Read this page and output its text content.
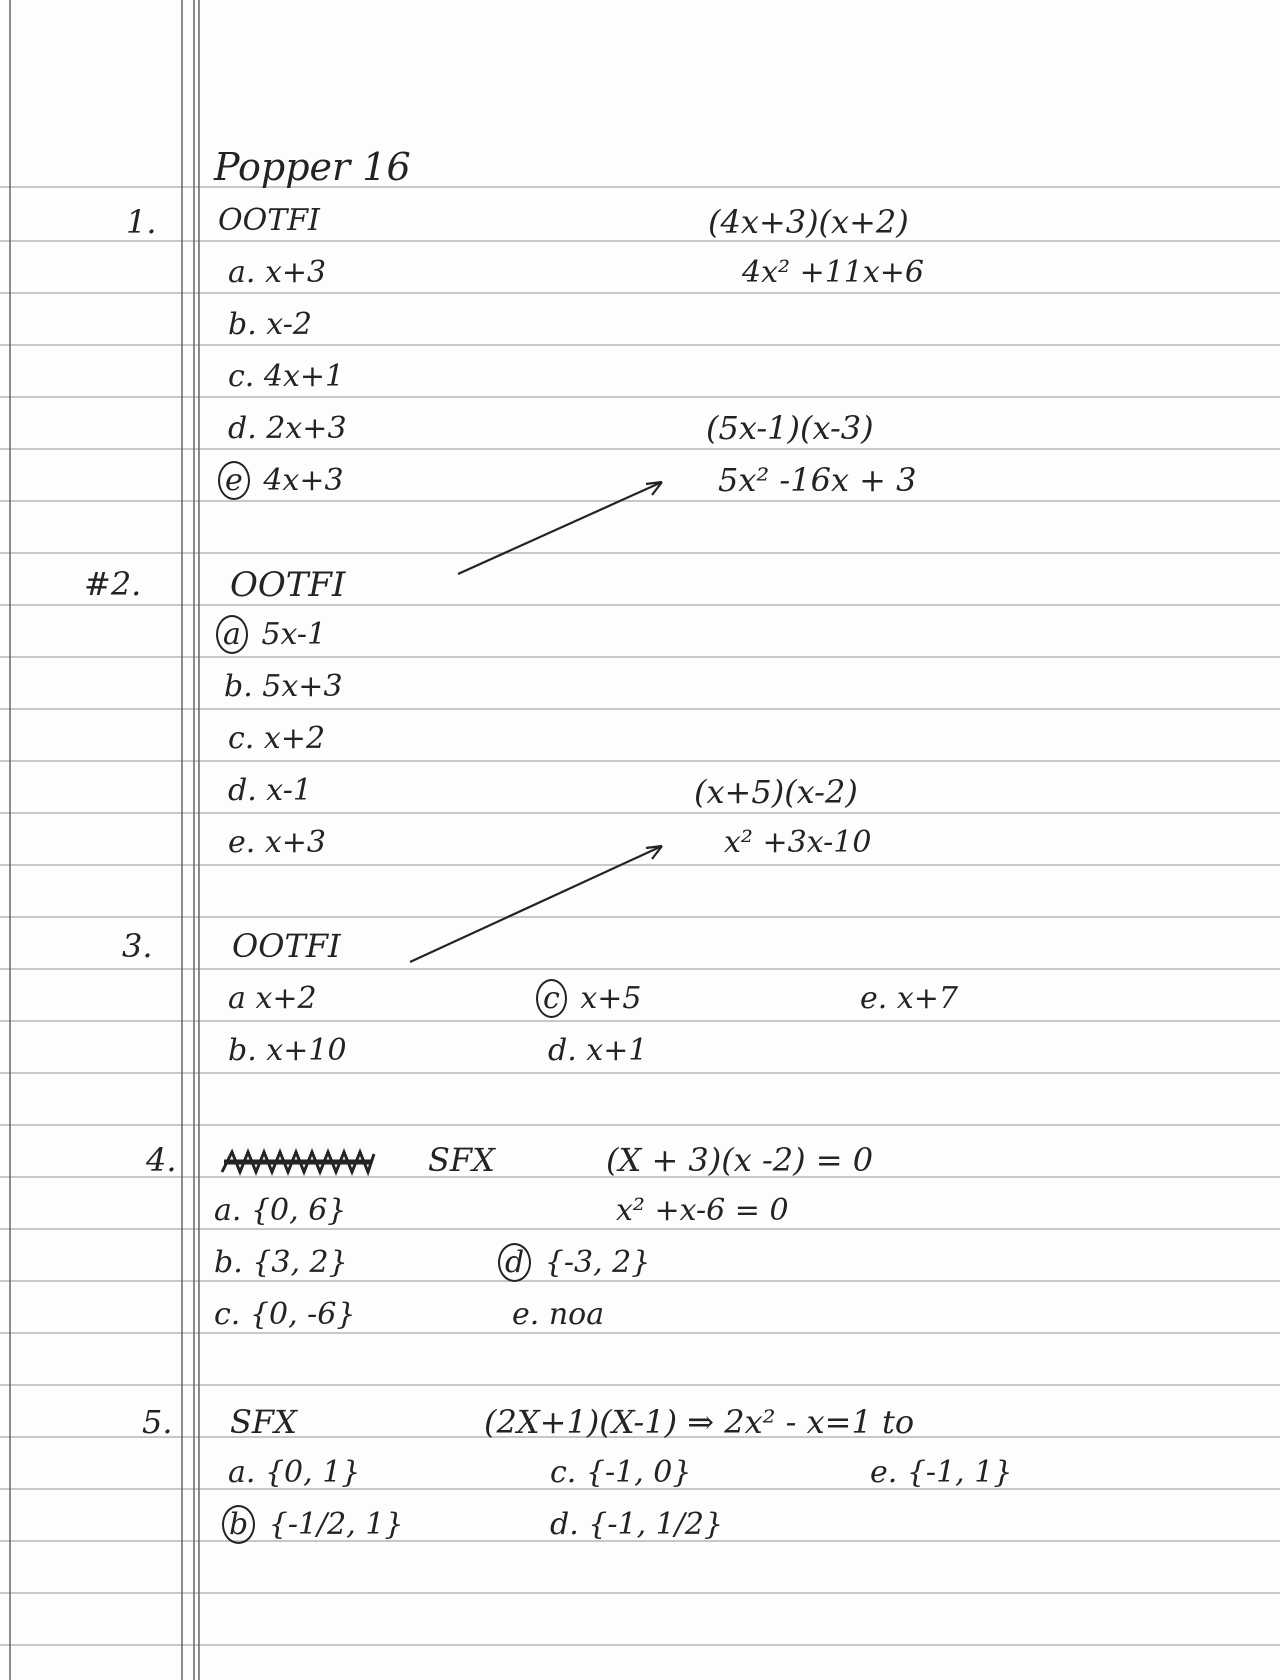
Popper 16
1. OOTFI
a. x+3
b. x-2
c. 4x+1
d. 2x+3
e 4x+3
(4x+3)(x+2)
4x² +11x+6
#2.	OOTFI
a 5x-1
b. 5x+3
c. x+2
d. x-1
e. x+3
(5x-1)(x-3)
5x² -16x + 3
3. OOTFI
a x+2
b. x+10
c x+5
d. x+1
e. x+7
(x+5)(x-2)
x² +3x-10
4.	SFX
a. {0, 6}
b. {3, 2}
c. {0, -6}
d {-3, 2}
e. noa
(X + 3)(x -2) = 0
x² +x-6 = 0
5. SFX
a. {0, 1}
b {-1/2, 1}
c. {-1, 0}
d. {-1, 1/2}
e. {-1, 1}
(2X+1)(X-1) ⇒ 2x² - x=1 to
